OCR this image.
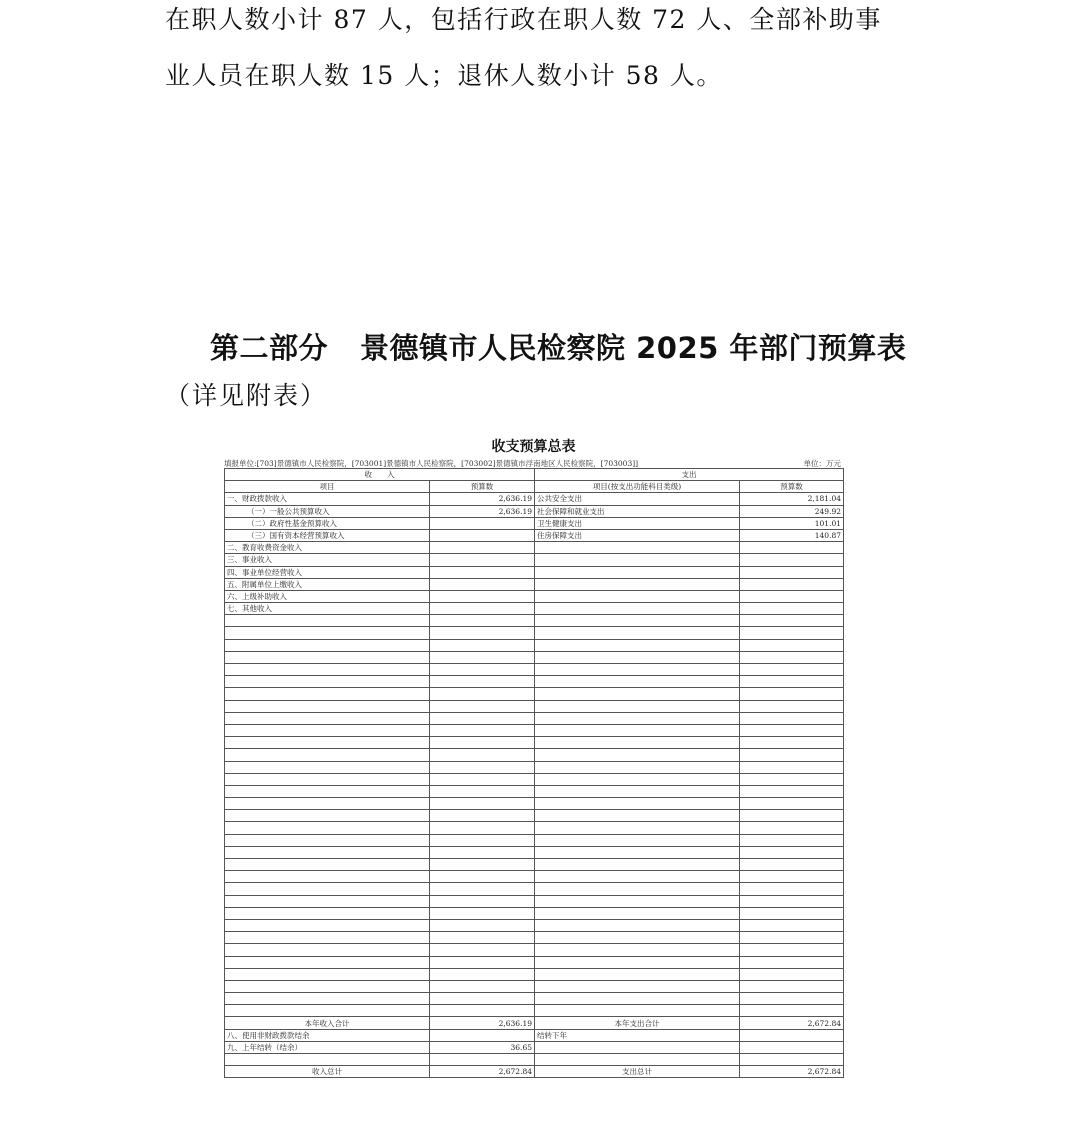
在职人数小计 87 人，包括行政在职人数 72 人、全部补助事
业人员在职人数 15 人；退休人数小计 58 人。
第二部分 景德镇市人民检察院 2025 年部门预算表
（详见附表）
收支预算总表
填报单位:[703]景德镇市人民检察院，[703001]景德镇市人民检察院，[703002]景德镇市浮南地区人民检察院，[703003]]	单位：万元
收　　入		支出	
项目	预算数	项目(按支出功能科目类级)	预算数
一、财政拨款收入	2,636.19	公共安全支出	2,181.04
（一）一般公共预算收入	2,636.19	社会保障和就业支出	249.92
（二）政府性基金预算收入		卫生健康支出	101.01
（三）国有资本经营预算收入		住房保障支出	140.87
二、教育收费资金收入			
三、事业收入			
四、事业单位经营收入			
五、附属单位上缴收入			
六、上级补助收入			
七、其他收入			

本年收入合计	2,636.19	本年支出合计	2,672.84
八、使用非财政拨款结余		结转下年	
九、上年结转（结余）	36.65		

收入总计	2,672.84	支出总计	2,672.84
